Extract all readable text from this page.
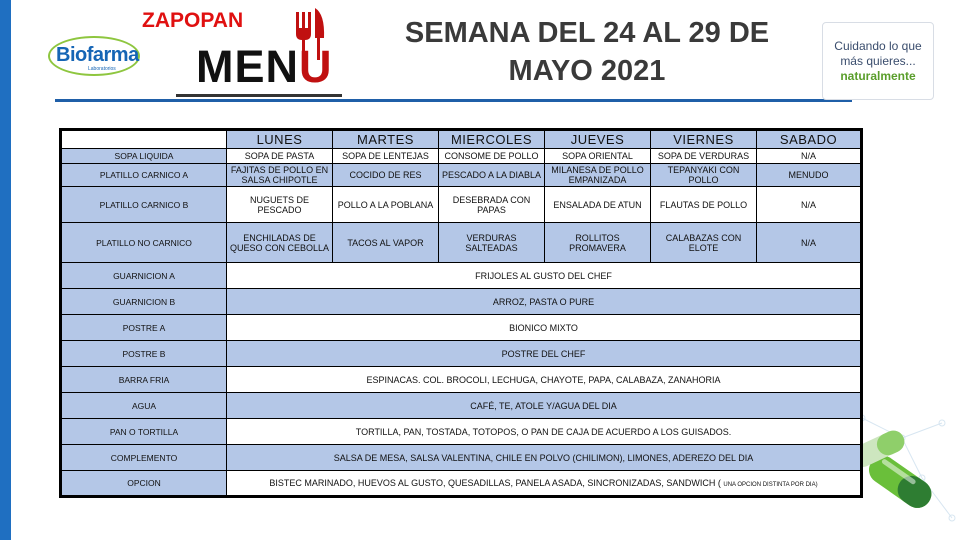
ZAPOPAN
Biofarma
Laboratorios MENU
SEMANA DEL 24 AL 29 DE
MAYO 2021
Cuidando lo que
más quieres...
naturalmente
	LUNES	MARTES	MIERCOLES	JUEVES	VIERNES	SABADO
SOPA LIQUIDA	SOPA DE PASTA	SOPA DE LENTEJAS	CONSOME DE POLLO	SOPA ORIENTAL	SOPA DE VERDURAS	N/A
PLATILLO CARNICO A	FAJITAS DE POLLO EN SALSA CHIPOTLE	COCIDO DE RES	PESCADO A LA DIABLA	MILANESA DE POLLO EMPANIZADA	TEPANYAKI CON POLLO	MENUDO
PLATILLO CARNICO B	NUGUETS DE PESCADO	POLLO A LA POBLANA	DESEBRADA CON PAPAS	ENSALADA DE ATUN	FLAUTAS DE POLLO	N/A
PLATILLO NO CARNICO	ENCHILADAS DE QUESO CON CEBOLLA	TACOS AL VAPOR	VERDURAS SALTEADAS	ROLLITOS PROMAVERA	CALABAZAS CON ELOTE	N/A
GUARNICION A	FRIJOLES AL GUSTO DEL CHEF					
GUARNICION B	ARROZ, PASTA O PURE					
POSTRE A	BIONICO MIXTO					
POSTRE B	POSTRE DEL CHEF					
BARRA FRIA	ESPINACAS. COL. BROCOLI, LECHUGA, CHAYOTE, PAPA, CALABAZA, ZANAHORIA					
AGUA	CAFÉ, TE, ATOLE Y/AGUA DEL DIA					
PAN O TORTILLA	TORTILLA, PAN, TOSTADA, TOTOPOS, O PAN DE CAJA DE ACUERDO A LOS GUISADOS.					
COMPLEMENTO	SALSA DE MESA, SALSA VALENTINA, CHILE EN POLVO (CHILIMON), LIMONES, ADEREZO DEL DIA					
OPCION	BISTEC MARINADO, HUEVOS AL GUSTO, QUESADILLAS, PANELA ASADA, SINCRONIZADAS, SANDWICH ( UNA OPCION DISTINTA POR DIA)					
